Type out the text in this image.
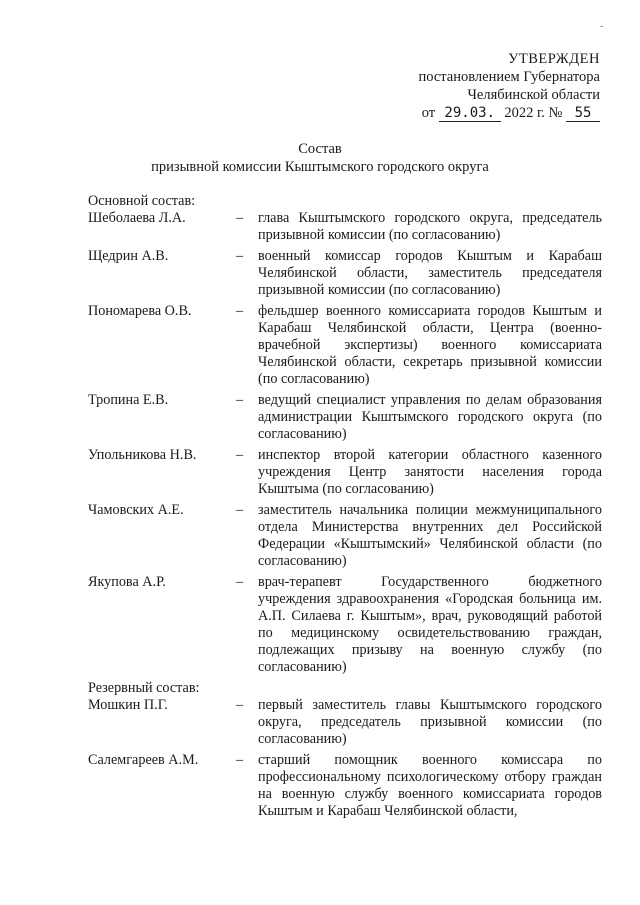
-
УТВЕРЖДЕН
постановлением Губернатора
Челябинской области
от 29.03. 2022 г. № 55
Состав
призывной комиссии Кыштымского городского округа
Основной состав:
Шеболаева Л.А.	–	глава Кыштымского городского округа, председатель призывной комиссии (по согласованию)
Щедрин А.В.	–	военный комиссар городов Кыштым и Карабаш Челябинской области, заместитель председателя призывной комиссии (по согласованию)
Пономарева О.В.	–	фельдшер военного комиссариата городов Кыштым и Карабаш Челябинской области, Центра (военно-врачебной экспертизы) военного комиссариата Челябинской области, секретарь призывной комиссии (по согласованию)
Тропина Е.В.	–	ведущий специалист управления по делам образования администрации Кыштымского городского округа (по согласованию)
Упольникова Н.В.	–	инспектор второй категории областного казенного учреждения Центр занятости населения города Кыштыма (по согласованию)
Чамовских А.Е.	–	заместитель начальника полиции межмуниципального отдела Министерства внутренних дел Российской Федерации «Кыштымский» Челябинской области (по согласованию)
Якупова А.Р.	–	врач-терапевт Государственного бюджетного учреждения здравоохранения «Городская больница им. А.П. Силаева г. Кыштым», врач, руководящий работой по медицинскому освидетельствованию граждан, подлежащих призыву на военную службу (по согласованию)
Резервный состав:
Мошкин П.Г.	–	первый заместитель главы Кыштымского городского округа, председатель призывной комиссии (по согласованию)
Салемгареев А.М.	–	старший помощник военного комиссара по профессиональному психологическому отбору граждан на военную службу военного комиссариата городов Кыштым и Карабаш Челябинской области,
